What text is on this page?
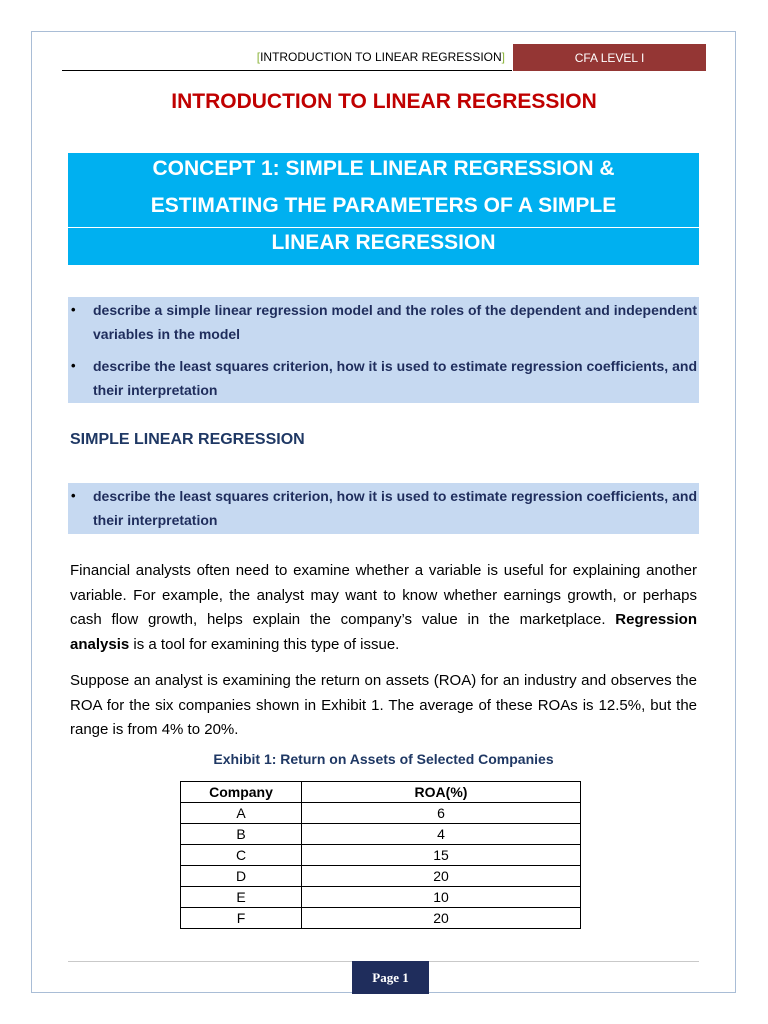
[INTRODUCTION TO LINEAR REGRESSION]	CFA LEVEL I
INTRODUCTION TO LINEAR REGRESSION
CONCEPT 1: SIMPLE LINEAR REGRESSION &
ESTIMATING THE PARAMETERS OF A SIMPLE
LINEAR REGRESSION
• describe a simple linear regression model and the roles of the dependent and independent variables in the model
• describe the least squares criterion, how it is used to estimate regression coefficients, and their interpretation
SIMPLE LINEAR REGRESSION
• describe the least squares criterion, how it is used to estimate regression coefficients, and their interpretation

Financial analysts often need to examine whether a variable is useful for explaining another variable. For example, the analyst may want to know whether earnings growth, or perhaps cash flow growth, helps explain the company’s value in the marketplace. Regression analysis is a tool for examining this type of issue.

Suppose an analyst is examining the return on assets (ROA) for an industry and observes the ROA for the six companies shown in Exhibit 1. The average of these ROAs is 12.5%, but the range is from 4% to 20%.

Exhibit 1: Return on Assets of Selected Companies
Company	ROA(%)
A	6
B	4
C	15
D	20
E	10
F	20
Page 1
